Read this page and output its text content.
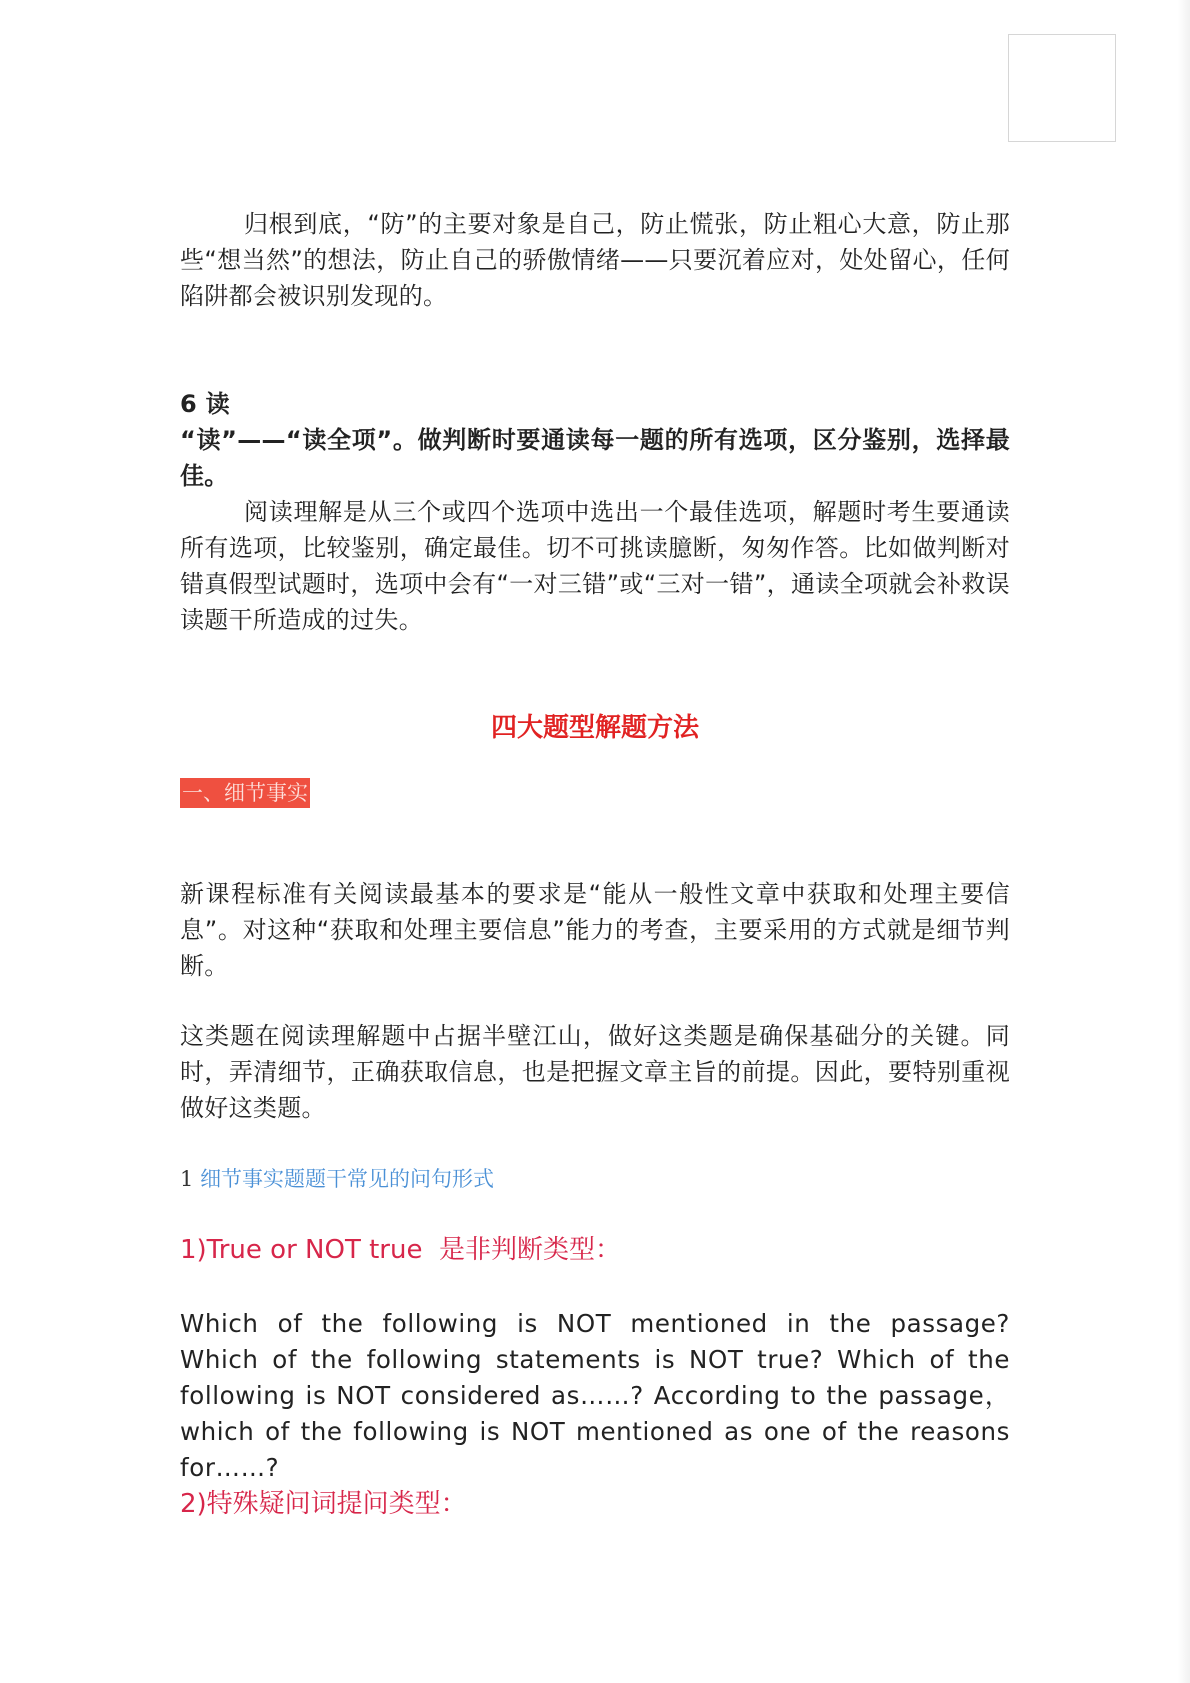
归根到底，“防”的主要对象是自己，防止慌张，防止粗心大意，防止那些“想当然”的想法，防止自己的骄傲情绪——只要沉着应对，处处留心，任何陷阱都会被识别发现的。

6 读

“读”——“读全项”。做判断时要通读每一题的所有选项，区分鉴别，选择最佳。

阅读理解是从三个或四个选项中选出一个最佳选项，解题时考生要通读所有选项，比较鉴别，确定最佳。切不可挑读臆断，匆匆作答。比如做判断对错真假型试题时，选项中会有“一对三错”或“三对一错”，通读全项就会补救误读题干所造成的过失。

四大题型解题方法
一、细节事实

新课程标准有关阅读最基本的要求是“能从一般性文章中获取和处理主要信息”。对这种“获取和处理主要信息”能力的考查，主要采用的方式就是细节判断。

这类题在阅读理解题中占据半壁江山，做好这类题是确保基础分的关键。同时，弄清细节，正确获取信息，也是把握文章主旨的前提。因此，要特别重视做好这类题。

1 细节事实题题干常见的问句形式
1)True or NOT true  是非判断类型：

Which of the following is NOT mentioned in the passage? Which of the following statements is NOT true? Which of the following is NOT considered as……? According to the passage，which of the following is NOT mentioned as one of the reasons for……?

2)特殊疑问词提问类型：
